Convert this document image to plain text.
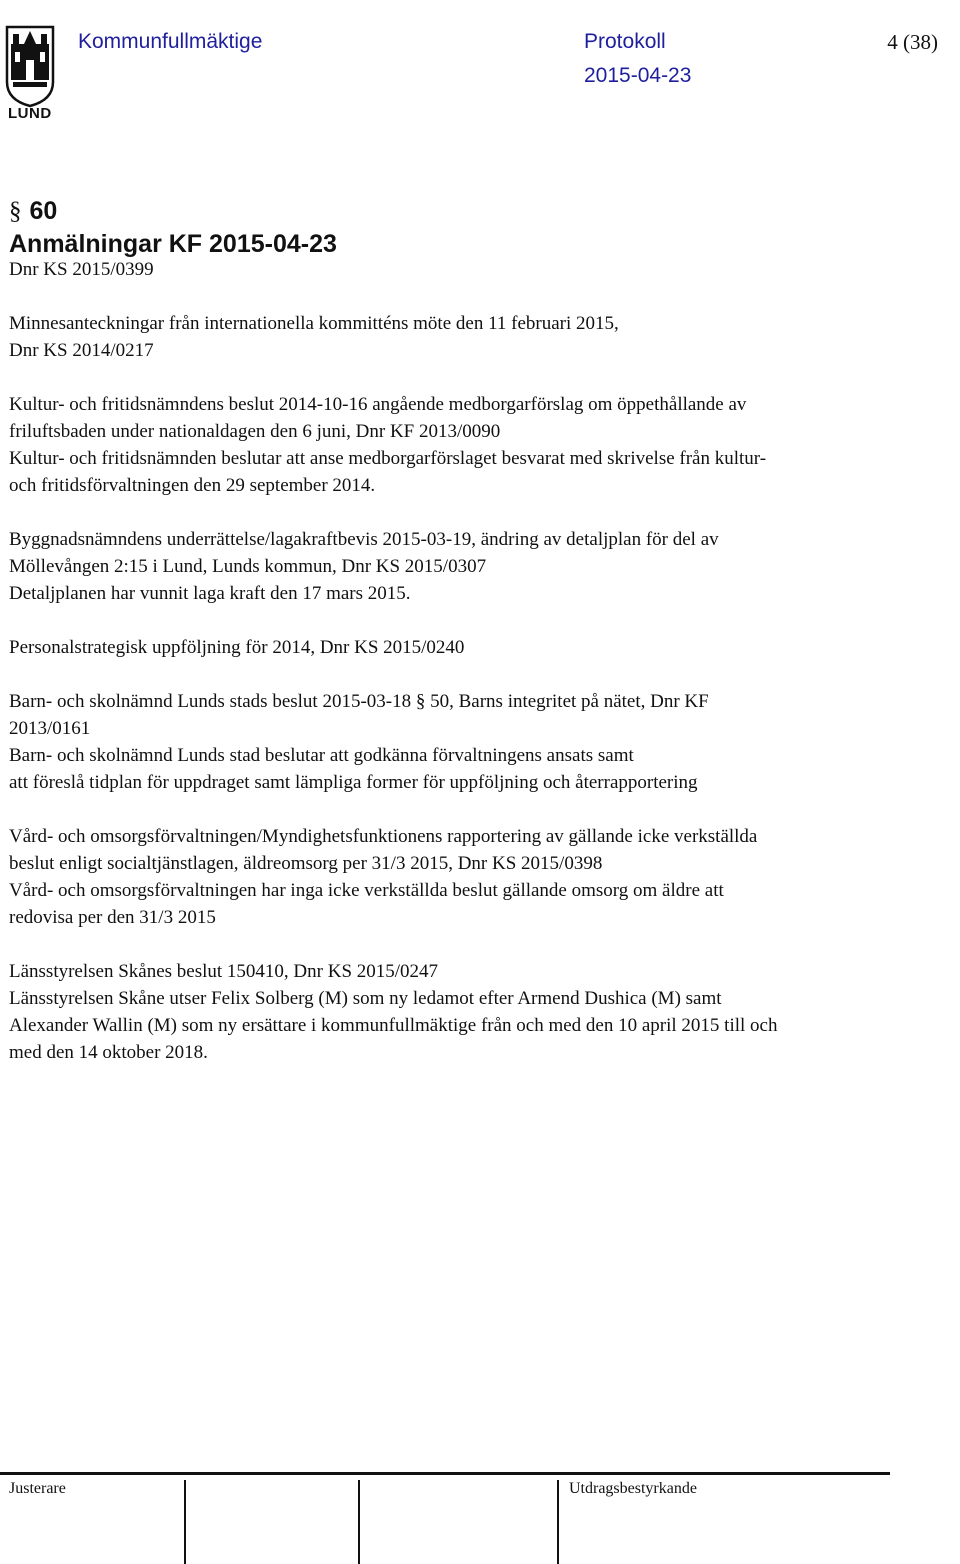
LUND
Kommunfullmäktige	Protokoll
2015-04-23
4 (38)
§ 60
Anmälningar KF 2015-04-23

Dnr KS 2015/0399

Minnesanteckningar från internationella kommitténs möte den 11 februari 2015,

Dnr KS 2014/0217

Kultur- och fritidsnämndens beslut 2014-10-16 angående medborgarförslag om öppethållande av

friluftsbaden under nationaldagen den 6 juni, Dnr KF 2013/0090

Kultur- och fritidsnämnden beslutar att anse medborgarförslaget besvarat med skrivelse från kultur-

och fritidsförvaltningen den 29 september 2014.

Byggnadsnämndens underrättelse/lagakraftbevis 2015-03-19, ändring av detaljplan för del av

Möllevången 2:15 i Lund, Lunds kommun, Dnr KS 2015/0307

Detaljplanen har vunnit laga kraft den 17 mars 2015.

Personalstrategisk uppföljning för 2014, Dnr KS 2015/0240

Barn- och skolnämnd Lunds stads beslut 2015-03-18 § 50, Barns integritet på nätet, Dnr KF

2013/0161

Barn- och skolnämnd Lunds stad beslutar att godkänna förvaltningens ansats samt

att föreslå tidplan för uppdraget samt lämpliga former för uppföljning och återrapportering

Vård- och omsorgsförvaltningen/Myndighetsfunktionens rapportering av gällande icke verkställda

beslut enligt socialtjänstlagen, äldreomsorg per 31/3 2015, Dnr KS 2015/0398

Vård- och omsorgsförvaltningen har inga icke verkställda beslut gällande omsorg om äldre att

redovisa per den 31/3 2015

Länsstyrelsen Skånes beslut 150410, Dnr KS 2015/0247

Länsstyrelsen Skåne utser Felix Solberg (M) som ny ledamot efter Armend Dushica (M) samt

Alexander Wallin (M) som ny ersättare i kommunfullmäktige från och med den 10 april 2015 till och

med den 14 oktober 2018.

Justerare	Utdragsbestyrkande
